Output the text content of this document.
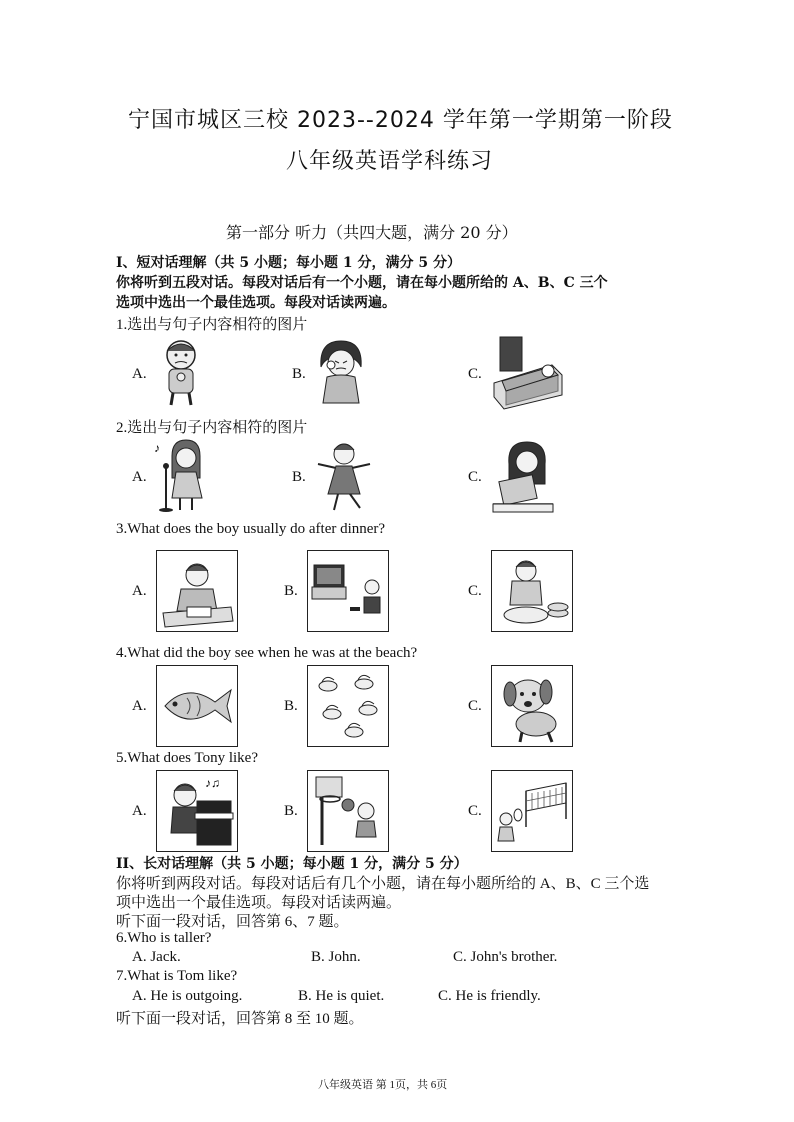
宁国市城区三校 2023--2024 学年第一学期第一阶段
八年级英语学科练习
第一部分 听力（共四大题，满分 20 分）
I、短对话理解（共 5 小题；每小题 1 分，满分 5 分）
你将听到五段对话。每段对话后有一个小题，请在每小题所给的 A、B、C 三个
选项中选出一个最佳选项。每段对话读两遍。
1.选出与句子内容相符的图片
A.	B.	C.
2.选出与句子内容相符的图片
A.	B.	C.
♪
3.What does the boy usually do after dinner?
A.	B.	C.
4.What did the boy see when he was at the beach?
A.	B.	C.
5.What does Tony like?
A.	B.	C.
♪♫
II、长对话理解（共 5 小题；每小题 1 分，满分 5 分）
你将听到两段对话。每段对话后有几个小题，请在每小题所给的 A、B、C 三个选
项中选出一个最佳选项。每段对话读两遍。
听下面一段对话，回答第 6、7 题。
6.Who is taller?
A. Jack.	B. John.	C. John's brother.
7.What is Tom like?
A. He is outgoing.	B. He is quiet.	C. He is friendly.
听下面一段对话，回答第 8 至 10 题。
八年级英语 第 1页，共 6页
